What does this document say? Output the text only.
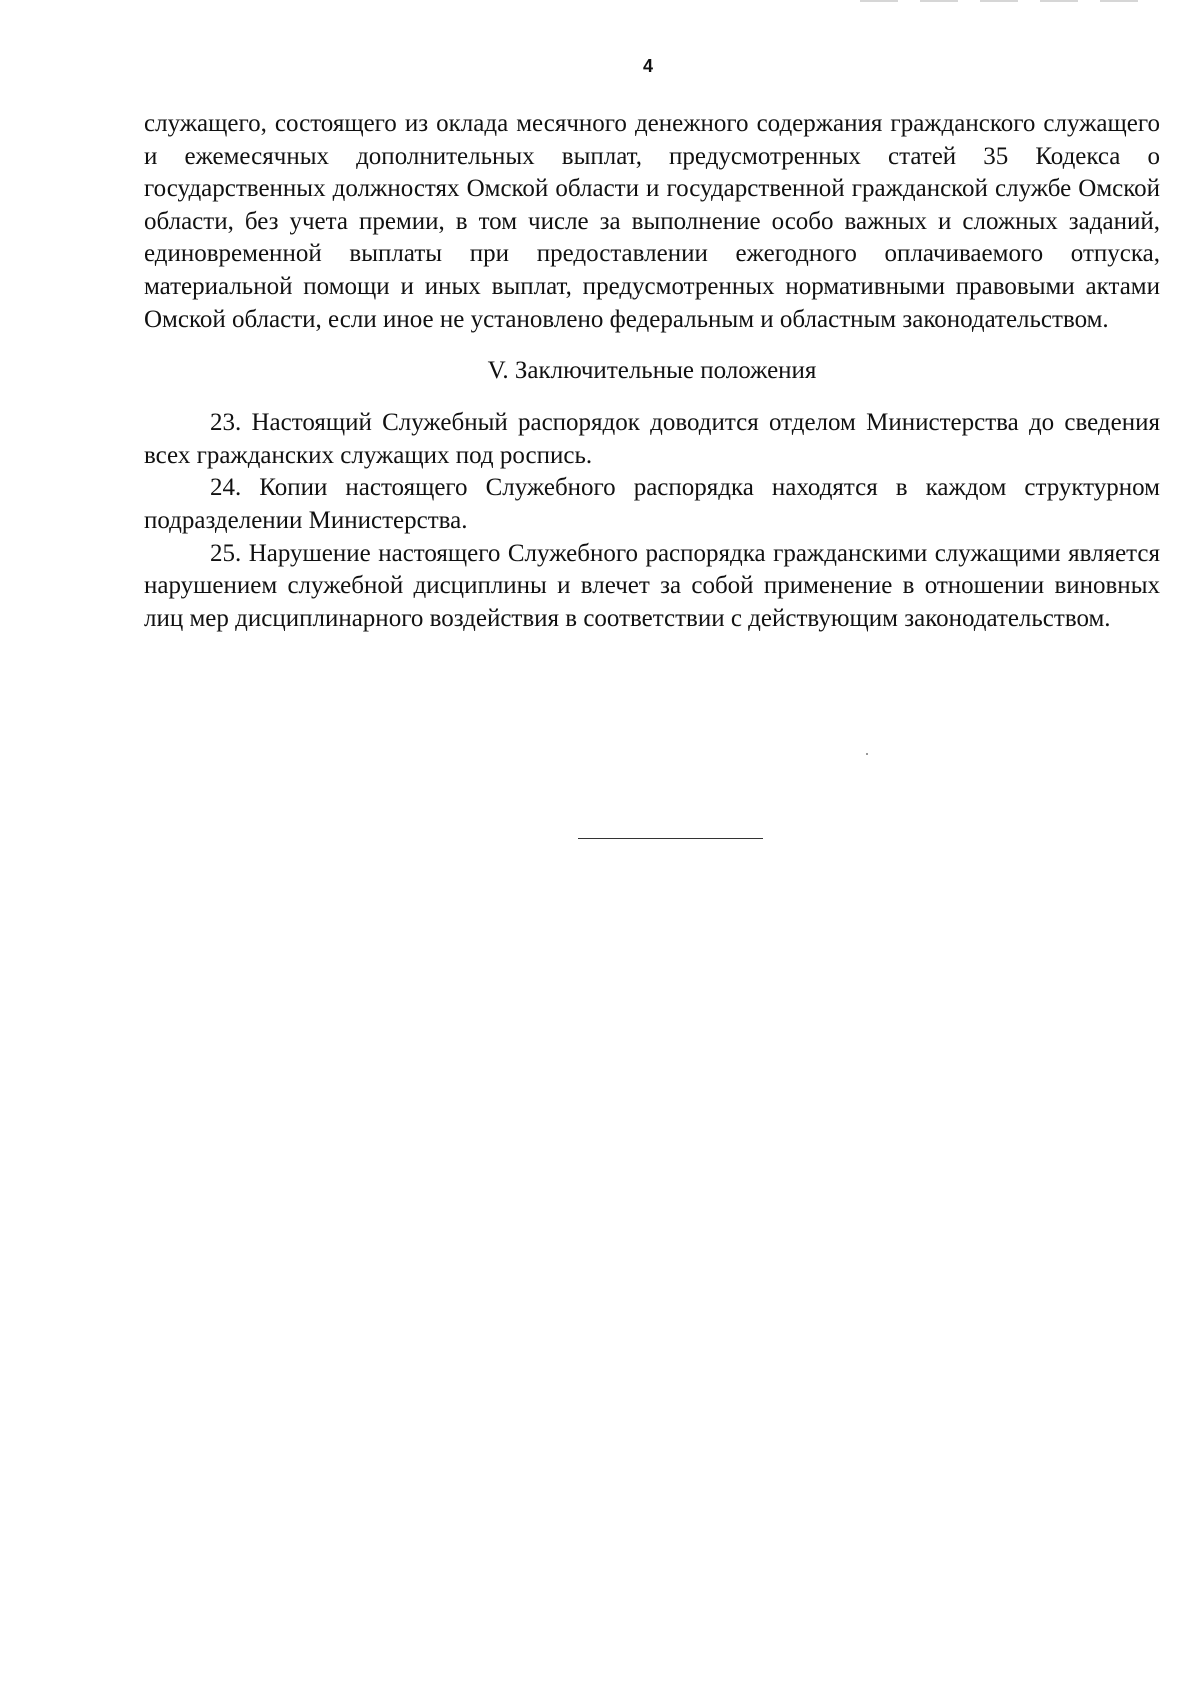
4

служащего, состоящего из оклада месячного денежного содержания гражданского служащего и ежемесячных дополнительных выплат, предусмотренных статей 35 Кодекса о государственных должностях Омской области и государственной гражданской службе Омской области, без учета премии, в том числе за выполнение особо важных и сложных заданий, единовременной выплаты при предоставлении ежегодного оплачиваемого отпуска, материальной помощи и иных выплат, предусмотренных нормативными правовыми актами Омской области, если иное не установлено федеральным и областным законодательством.

V. Заключительные положения

23. Настоящий Служебный распорядок доводится отделом Министерства до сведения всех гражданских служащих под роспись.

24. Копии настоящего Служебного распорядка находятся в каждом структурном подразделении Министерства.

25. Нарушение настоящего Служебного распорядка гражданскими служащими является нарушением служебной дисциплины и влечет за собой применение в отношении виновных лиц мер дисциплинарного воздействия в соответствии с действующим законодательством.
